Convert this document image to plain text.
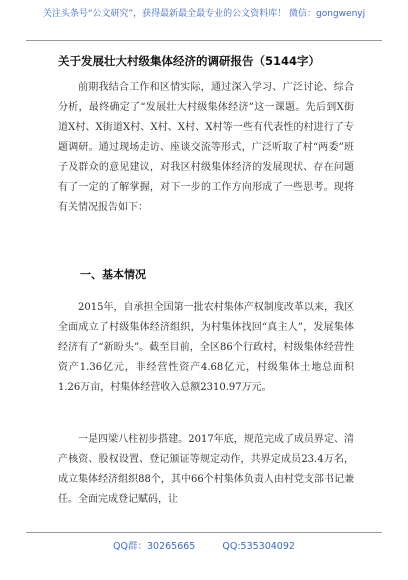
关注头条号“公文研究”，获得最新最全最专业的公文资料库！ 微信：gongwenyj
关于发展壮大村级集体经济的调研报告（5144字）

前期我结合工作和区情实际，通过深入学习、广泛讨论、综合分析，最终确定了“发展壮大村级集体经济”这一课题。先后到X街道X村、X街道X村、X村、X村、X村等一些有代表性的村进行了专题调研。通过现场走访、座谈交流等形式，广泛听取了村“两委”班子及群众的意见建议，对我区村级集体经济的发展现状、存在问题有了一定的了解掌握，对下一步的工作方向形成了一些思考。现将有关情况报告如下：

一、基本情况

2015年，自承担全国第一批农村集体产权制度改革以来，我区全面成立了村级集体经济组织，为村集体找回“真主人”，发展集体经济有了“新盼头”。截至目前，全区86个行政村，村级集体经营性资产1.36亿元，非经营性资产4.68亿元，村级集体土地总面积1.26万亩，村集体经营收入总额2310.97万元。

一是四梁八柱初步搭建。2017年底，规范完成了成员界定、清产核资、股权设置、登记颁证等规定动作，共界定成员23.4万名，成立集体经济组织88个，其中66个村集体负责人由村党支部书记兼任。全面完成登记赋码，让

QQ群：30265665	QQ:535304092
